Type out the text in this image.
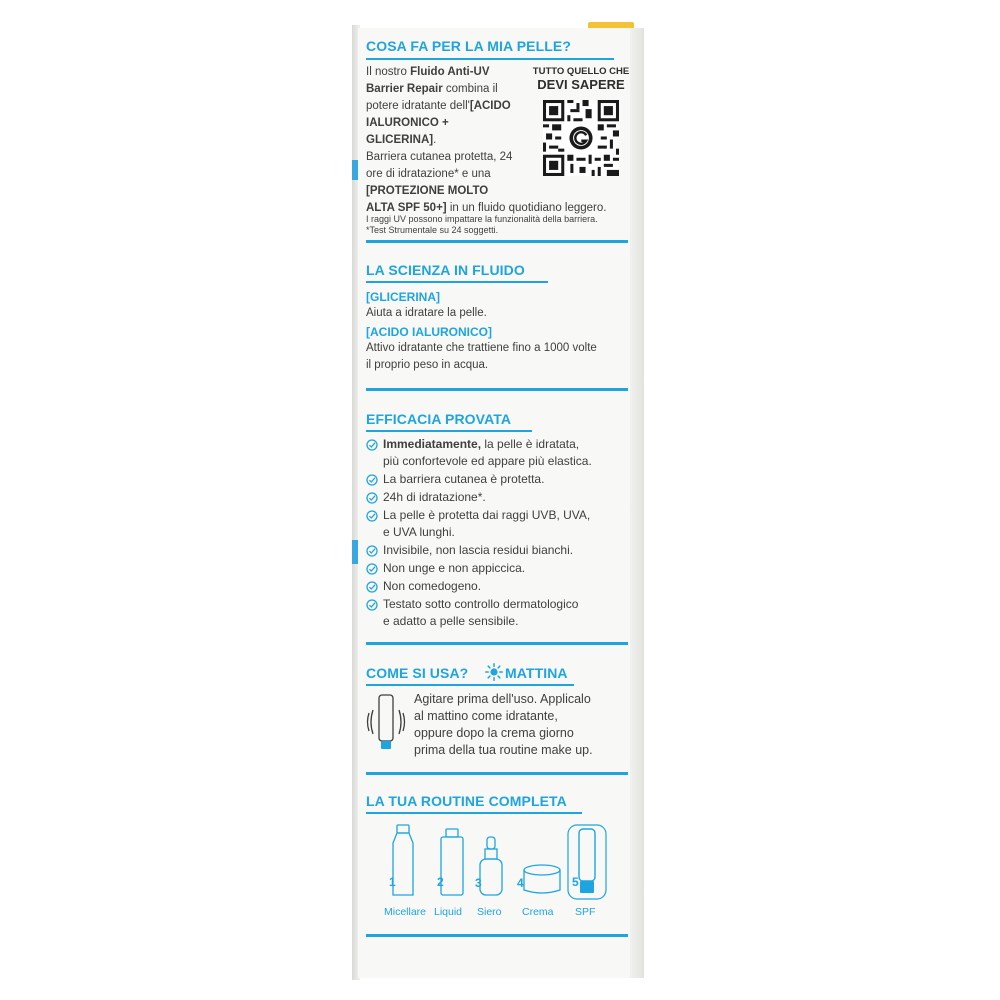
COSA FA PER LA MIA PELLE?
Il nostro Fluido Anti-UV
Barrier Repair combina il
potere idratante dell'[ACIDO
IALURONICO +
GLICERINA].
Barriera cutanea protetta, 24
ore di idratazione* e una
[PROTEZIONE MOLTO
ALTA SPF 50+] in un fluido quotidiano leggero.
TUTTO QUELLO CHE
DEVI SAPERE
I raggi UV possono impattare la funzionalità della barriera.
*Test Strumentale su 24 soggetti.
LA SCIENZA IN FLUIDO
[GLICERINA]
Aiuta a idratare la pelle.
[ACIDO IALURONICO]
Attivo idratante che trattiene fino a 1000 volte
il proprio peso in acqua.
EFFICACIA PROVATA
Immediatamente, la pelle è idratata,
più confortevole ed appare più elastica.
La barriera cutanea è protetta.
24h di idratazione*.
La pelle è protetta dai raggi UVB, UVA,
e UVA lunghi.
Invisibile, non lascia residui bianchi.
Non unge e non appiccica.
Non comedogeno.
Testato sotto controllo dermatologico
e adatto a pelle sensibile.
COME SI USA?	MATTINA
Agitare prima dell'uso. Applicalo
al mattino come idratante,
oppure dopo la crema giorno
prima della tua routine make up.
LA TUA ROUTINE COMPLETA
1	2	3	4	5
Micellare Liquid Siero Crema SPF
